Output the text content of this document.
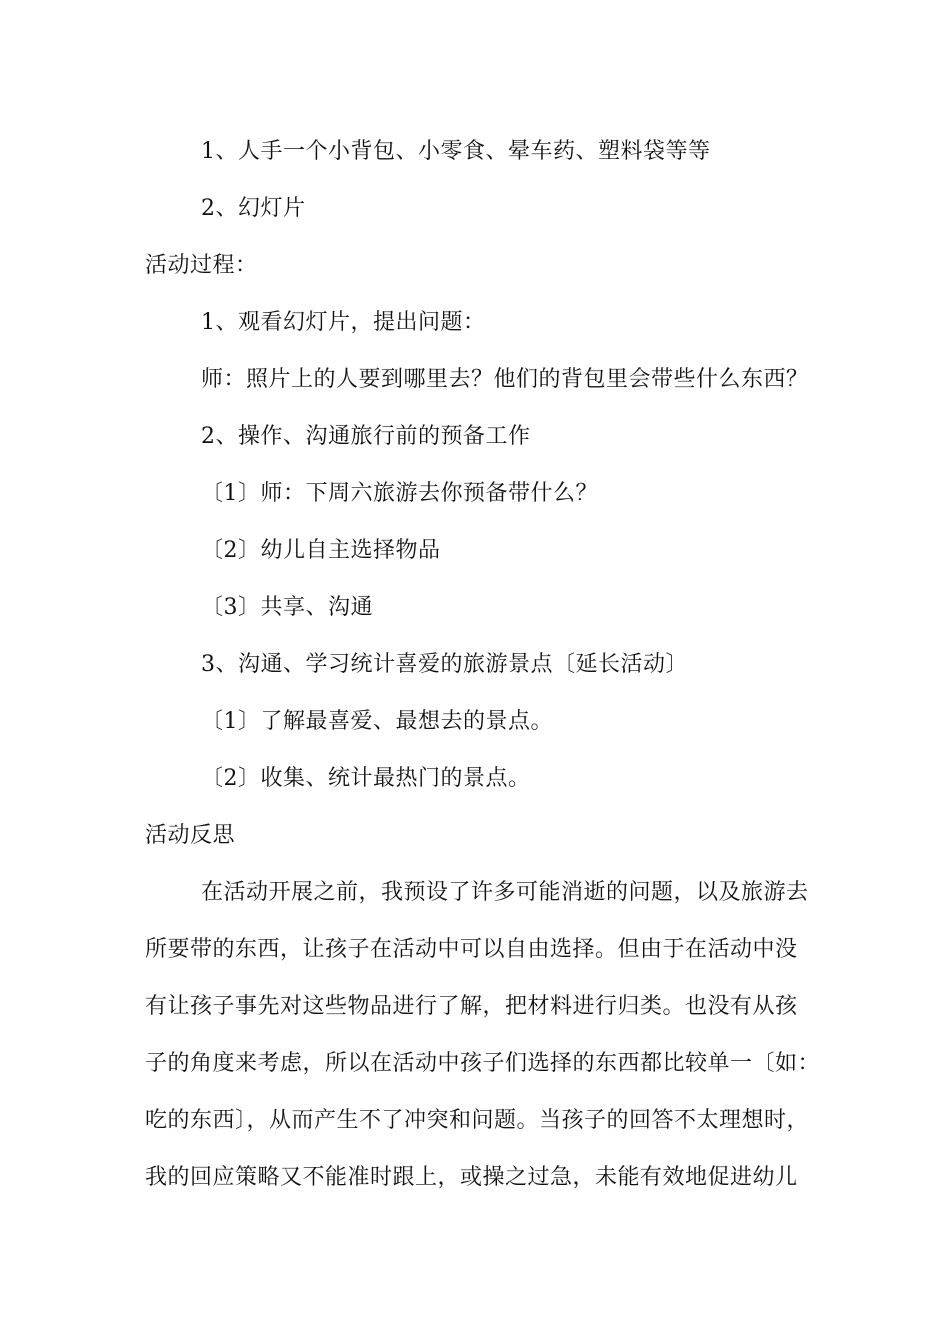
1、人手一个小背包、小零食、晕车药、塑料袋等等
2、幻灯片
活动过程：
1、观看幻灯片，提出问题：
师：照片上的人要到哪里去？他们的背包里会带些什么东西？
2、操作、沟通旅行前的预备工作
〔1〕师：下周六旅游去你预备带什么？
〔2〕幼儿自主选择物品
〔3〕共享、沟通
3、沟通、学习统计喜爱的旅游景点〔延长活动〕
〔1〕了解最喜爱、最想去的景点。
〔2〕收集、统计最热门的景点。
活动反思
在活动开展之前，我预设了许多可能消逝的问题，以及旅游去
所要带的东西，让孩子在活动中可以自由选择。但由于在活动中没
有让孩子事先对这些物品进行了解，把材料进行归类。也没有从孩
子的角度来考虑，所以在活动中孩子们选择的东西都比较单一〔如：
吃的东西〕，从而产生不了冲突和问题。当孩子的回答不太理想时，
我的回应策略又不能准时跟上，或操之过急，未能有效地促进幼儿
